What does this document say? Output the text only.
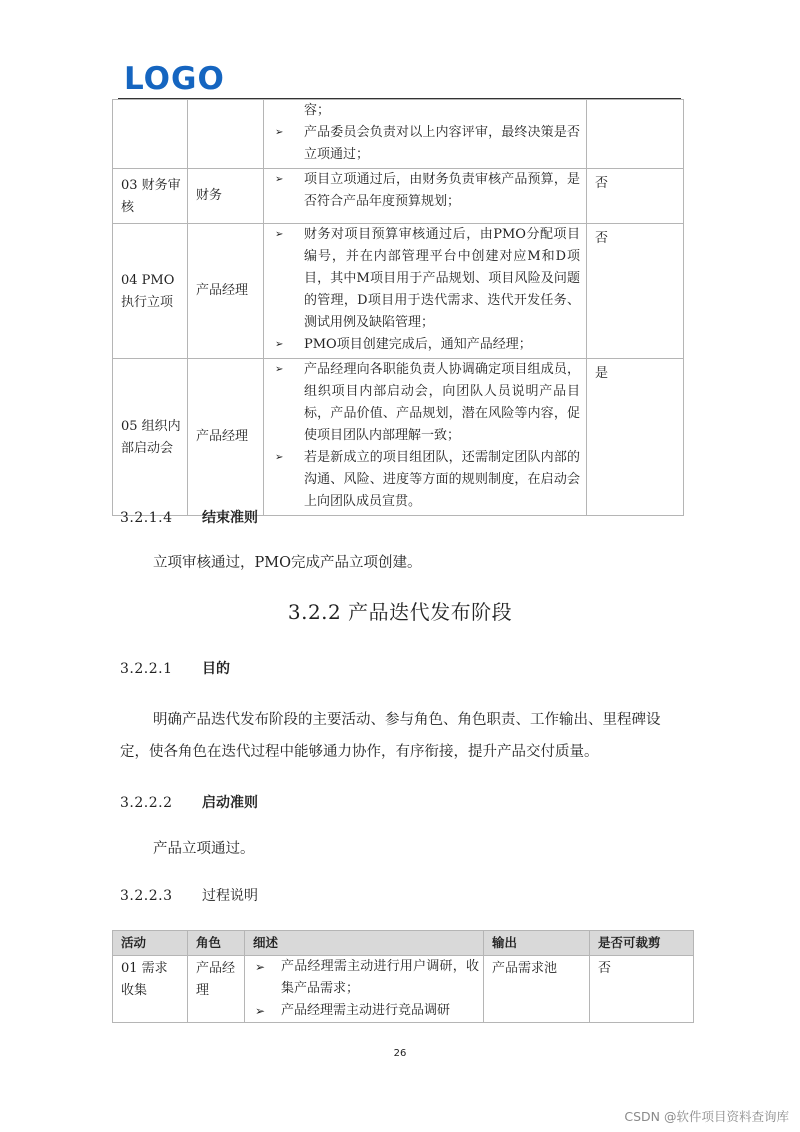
LOGO

		容；
➢ 产品委员会负责对以上内容评审，最终决策是否立项通过；	

03 财务审核	财务	➢ 项目立项通过后，由财务负责审核产品预算，是否符合产品年度预算规划；	否
04 PMO执行立项	产品经理	➢ 财务对项目预算审核通过后，由PMO分配项目编号，并在内部管理平台中创建对应M和D项目，其中M项目用于产品规划、项目风险及问题的管理，D项目用于迭代需求、迭代开发任务、测试用例及缺陷管理；
➢ PMO项目创建完成后，通知产品经理；	否
05 组织内部启动会	产品经理	➢ 产品经理向各职能负责人协调确定项目组成员，组织项目内部启动会，向团队人员说明产品目标，产品价值、产品规划，潜在风险等内容，促使项目团队内部理解一致；
➢ 若是新成立的项目组团队，还需制定团队内部的沟通、风险、进度等方面的规则制度，在启动会上向团队成员宣贯。	是
3.2.1.4 结束准则
立项审核通过，PMO完成产品立项创建。
3.2.2 产品迭代发布阶段
3.2.2.1 目的
明确产品迭代发布阶段的主要活动、参与角色、角色职责、工作输出、里程碑设定，使各角色在迭代过程中能够通力协作，有序衔接，提升产品交付质量。
3.2.2.2 启动准则
产品立项通过。
3.2.2.3 过程说明
活动	角色	细述	输出	是否可裁剪
01 需求收集	产品经理	➢ 产品经理需主动进行用户调研，收集产品需求；
➢ 产品经理需主动进行竞品调研	产品需求池	否
26
CSDN @软件项目资料查询库
